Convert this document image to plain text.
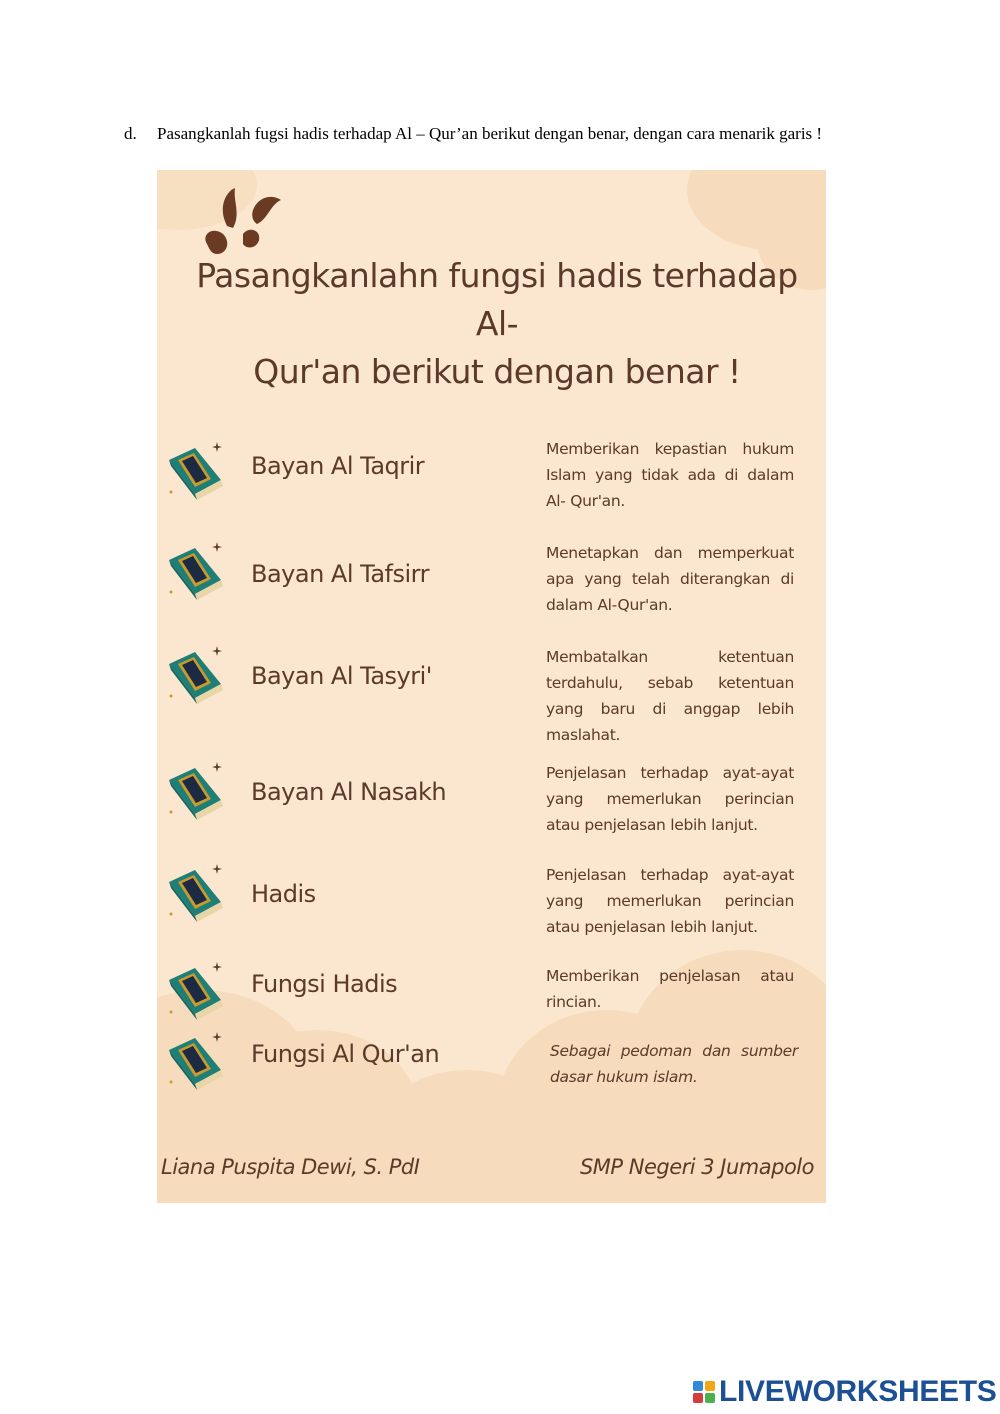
d. Pasangkanlah fugsi hadis terhadap Al – Qur’an berikut dengan benar, dengan cara menarik garis !
Pasangkanlahn fungsi hadis terhadap Al-
Qur'an berikut dengan benar !
Bayan Al Taqrir
Memberikan kepastian hukum Islam yang tidak ada di dalam Al- Qur'an.
Bayan Al Tafsirr
Menetapkan dan memperkuat apa yang telah diterangkan di dalam Al-Qur'an.
Bayan Al Tasyri'
Membatalkan ketentuan terdahulu, sebab ketentuan yang baru di anggap lebih maslahat.
Bayan Al Nasakh
Penjelasan terhadap ayat-ayat yang memerlukan perincian atau penjelasan lebih lanjut.
Hadis
Penjelasan terhadap ayat-ayat yang memerlukan perincian atau penjelasan lebih lanjut.
Fungsi Hadis	Memberikan penjelasan atau rincian.
Fungsi Al Qur'an	Sebagai pedoman dan sumber dasar hukum islam.
Liana Puspita Dewi, S. PdI	SMP Negeri 3 Jumapolo
LIVEWORKSHEETS
